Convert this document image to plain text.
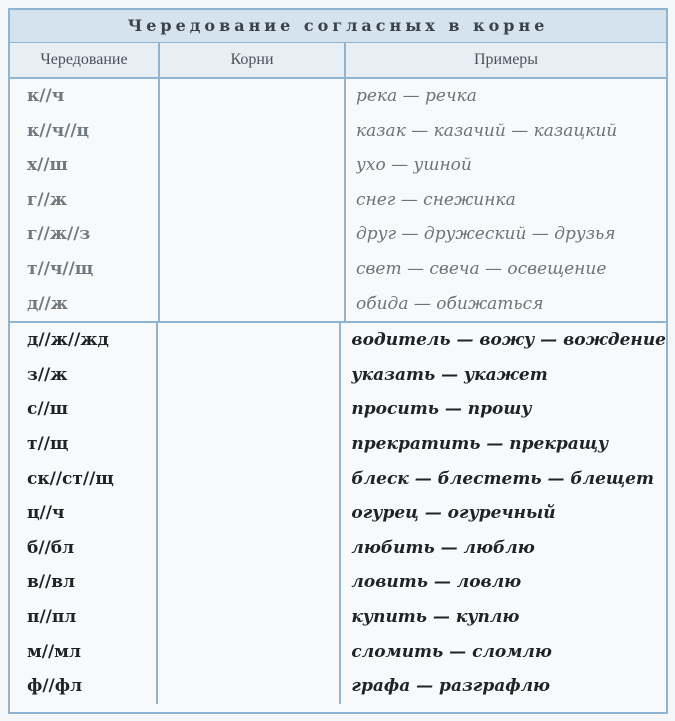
Чередование согласных в корне
Чередование	Корни	Примеры
к//ч
к//ч//ц
х//ш
г//ж
г//ж//з
т//ч//щ
д//ж
река — речка
казак — казачий — казацкий
ухо — ушной
снег — снежинка
друг — дружеский — друзья
свет — свеча — освещение
обида — обижаться
д//ж//жд
з//ж
с//ш
т//щ
ск//ст//щ
ц//ч
б//бл
в//вл
п//пл
м//мл
ф//фл
водитель — вожу — вождение
указать — укажет
просить — прошу
прекратить — прекращу
блеск — блестеть — блещет
огурец — огуречный
любить — люблю
ловить — ловлю
купить — куплю
сломить — сломлю
графа — разграфлю
